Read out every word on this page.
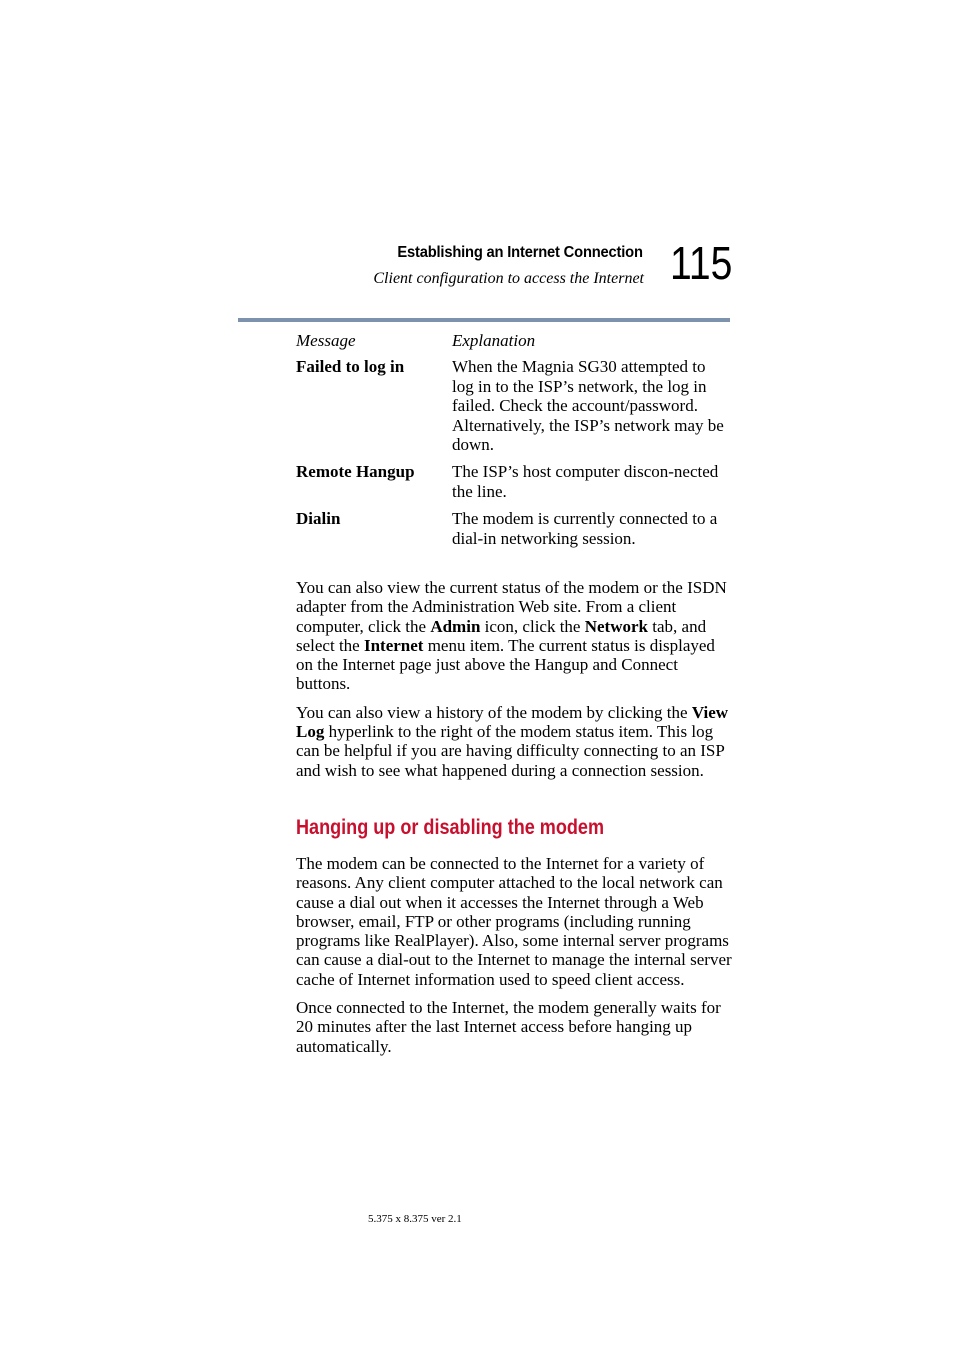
Establishing an Internet Connection
Client configuration to access the Internet 115
Message	Explanation
Failed to log in	When the Magnia SG30 attempted to log in to the ISP’s network, the log in failed. Check the account/password. Alternatively, the ISP’s network may be down.
Remote Hangup	The ISP’s host computer discon-nected the line.
Dialin	The modem is currently connected to a dial-in networking session.

You can also view the current status of the modem or the ISDN adapter from the Administration Web site. From a client computer, click the Admin icon, click the Network tab, and select the Internet menu item. The current status is displayed on the Internet page just above the Hangup and Connect buttons.

You can also view a history of the modem by clicking the View Log hyperlink to the right of the modem status item. This log can be helpful if you are having difficulty connecting to an ISP and wish to see what happened during a connection session.

Hanging up or disabling the modem

The modem can be connected to the Internet for a variety of reasons. Any client computer attached to the local network can cause a dial out when it accesses the Internet through a Web browser, email, FTP or other programs (including running programs like RealPlayer). Also, some internal server programs can cause a dial-out to the Internet to manage the internal server cache of Internet information used to speed client access.

Once connected to the Internet, the modem generally waits for 20 minutes after the last Internet access before hanging up automatically.

5.375 x 8.375 ver 2.1
